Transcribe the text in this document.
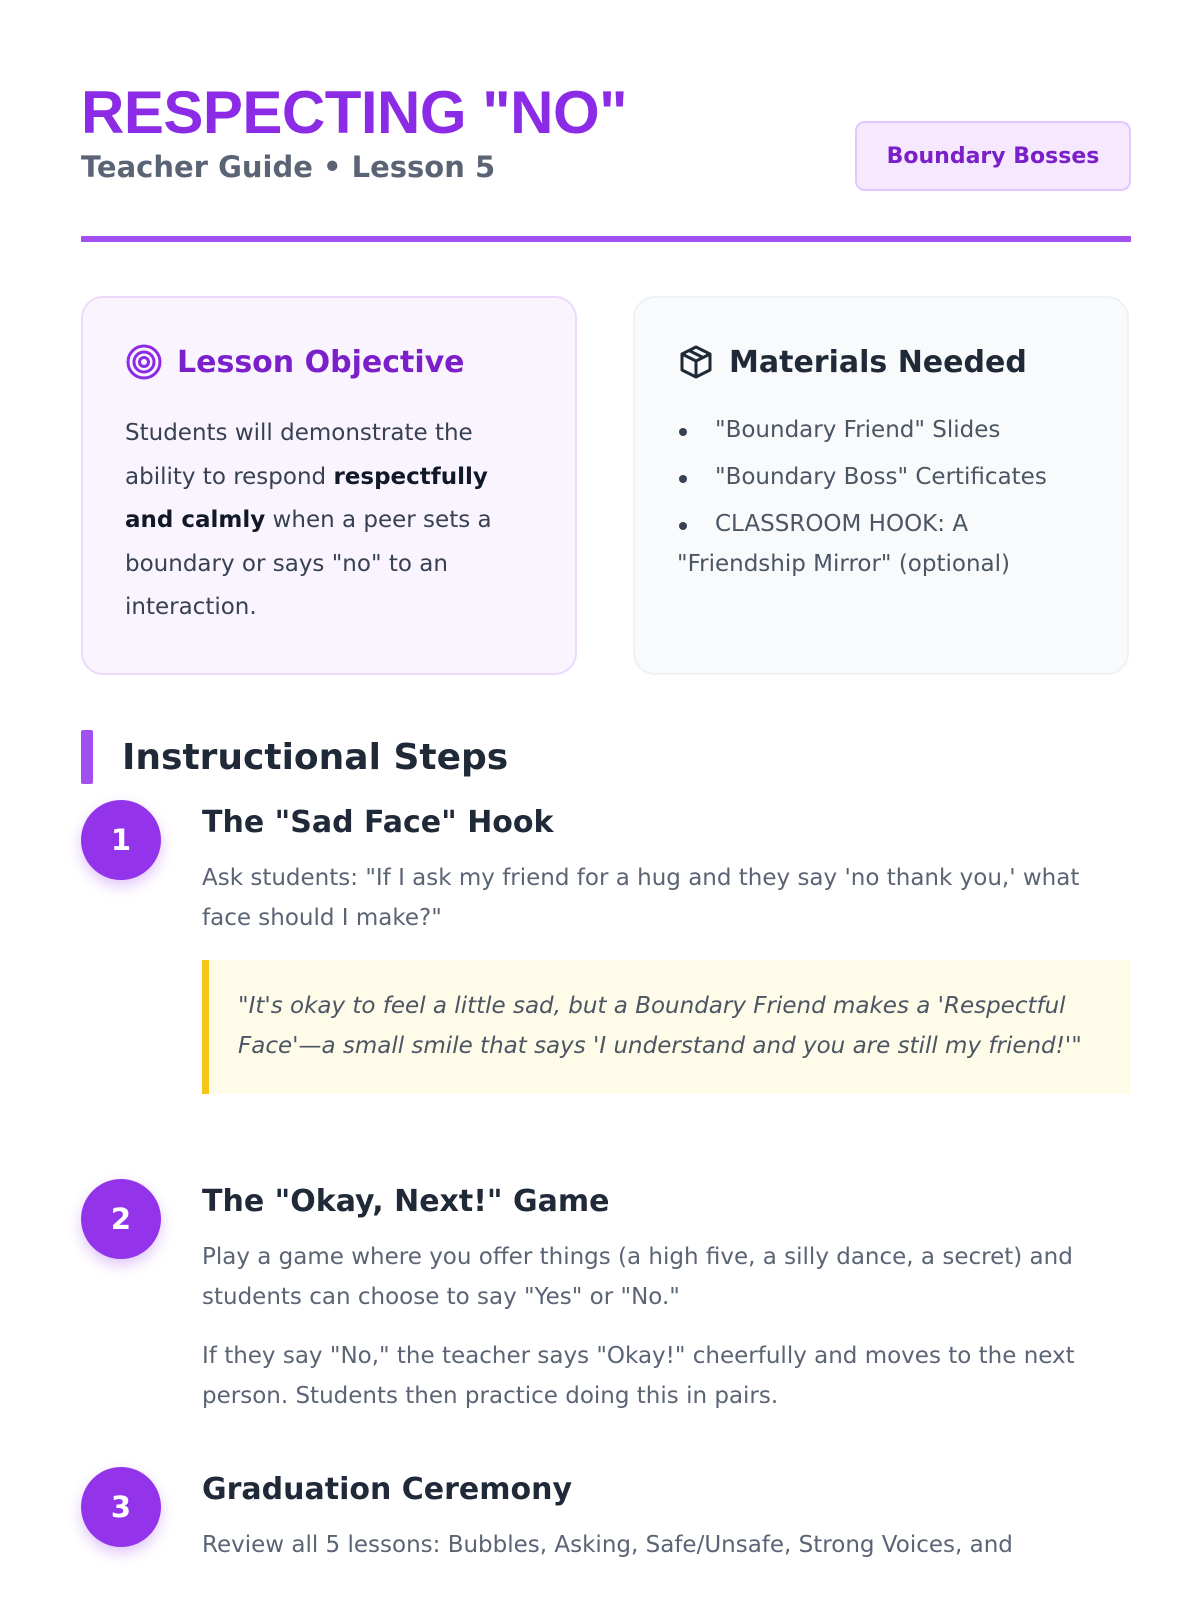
RESPECTING "NO"
Teacher Guide • Lesson 5	Boundary Bosses
Lesson Objective
Students will demonstrate the ability to respond respectfully and calmly when a peer sets a boundary or says "no" to an interaction.
Materials Needed
"Boundary Friend" Slides
"Boundary Boss" Certificates
CLASSROOM HOOK: A "Friendship Mirror" (optional)
Instructional Steps
1	The "Sad Face" Hook

Ask students: "If I ask my friend for a hug and they say 'no thank you,' what face should I make?"

"It's okay to feel a little sad, but a Boundary Friend makes a 'Respectful Face'—a small smile that says 'I understand and you are still my friend!'"
2	The "Okay, Next!" Game

Play a game where you offer things (a high five, a silly dance, a secret) and students can choose to say "Yes" or "No."

If they say "No," the teacher says "Okay!" cheerfully and moves to the next person. Students then practice doing this in pairs.

3	Graduation Ceremony

Review all 5 lessons: Bubbles, Asking, Safe/Unsafe, Strong Voices, and
